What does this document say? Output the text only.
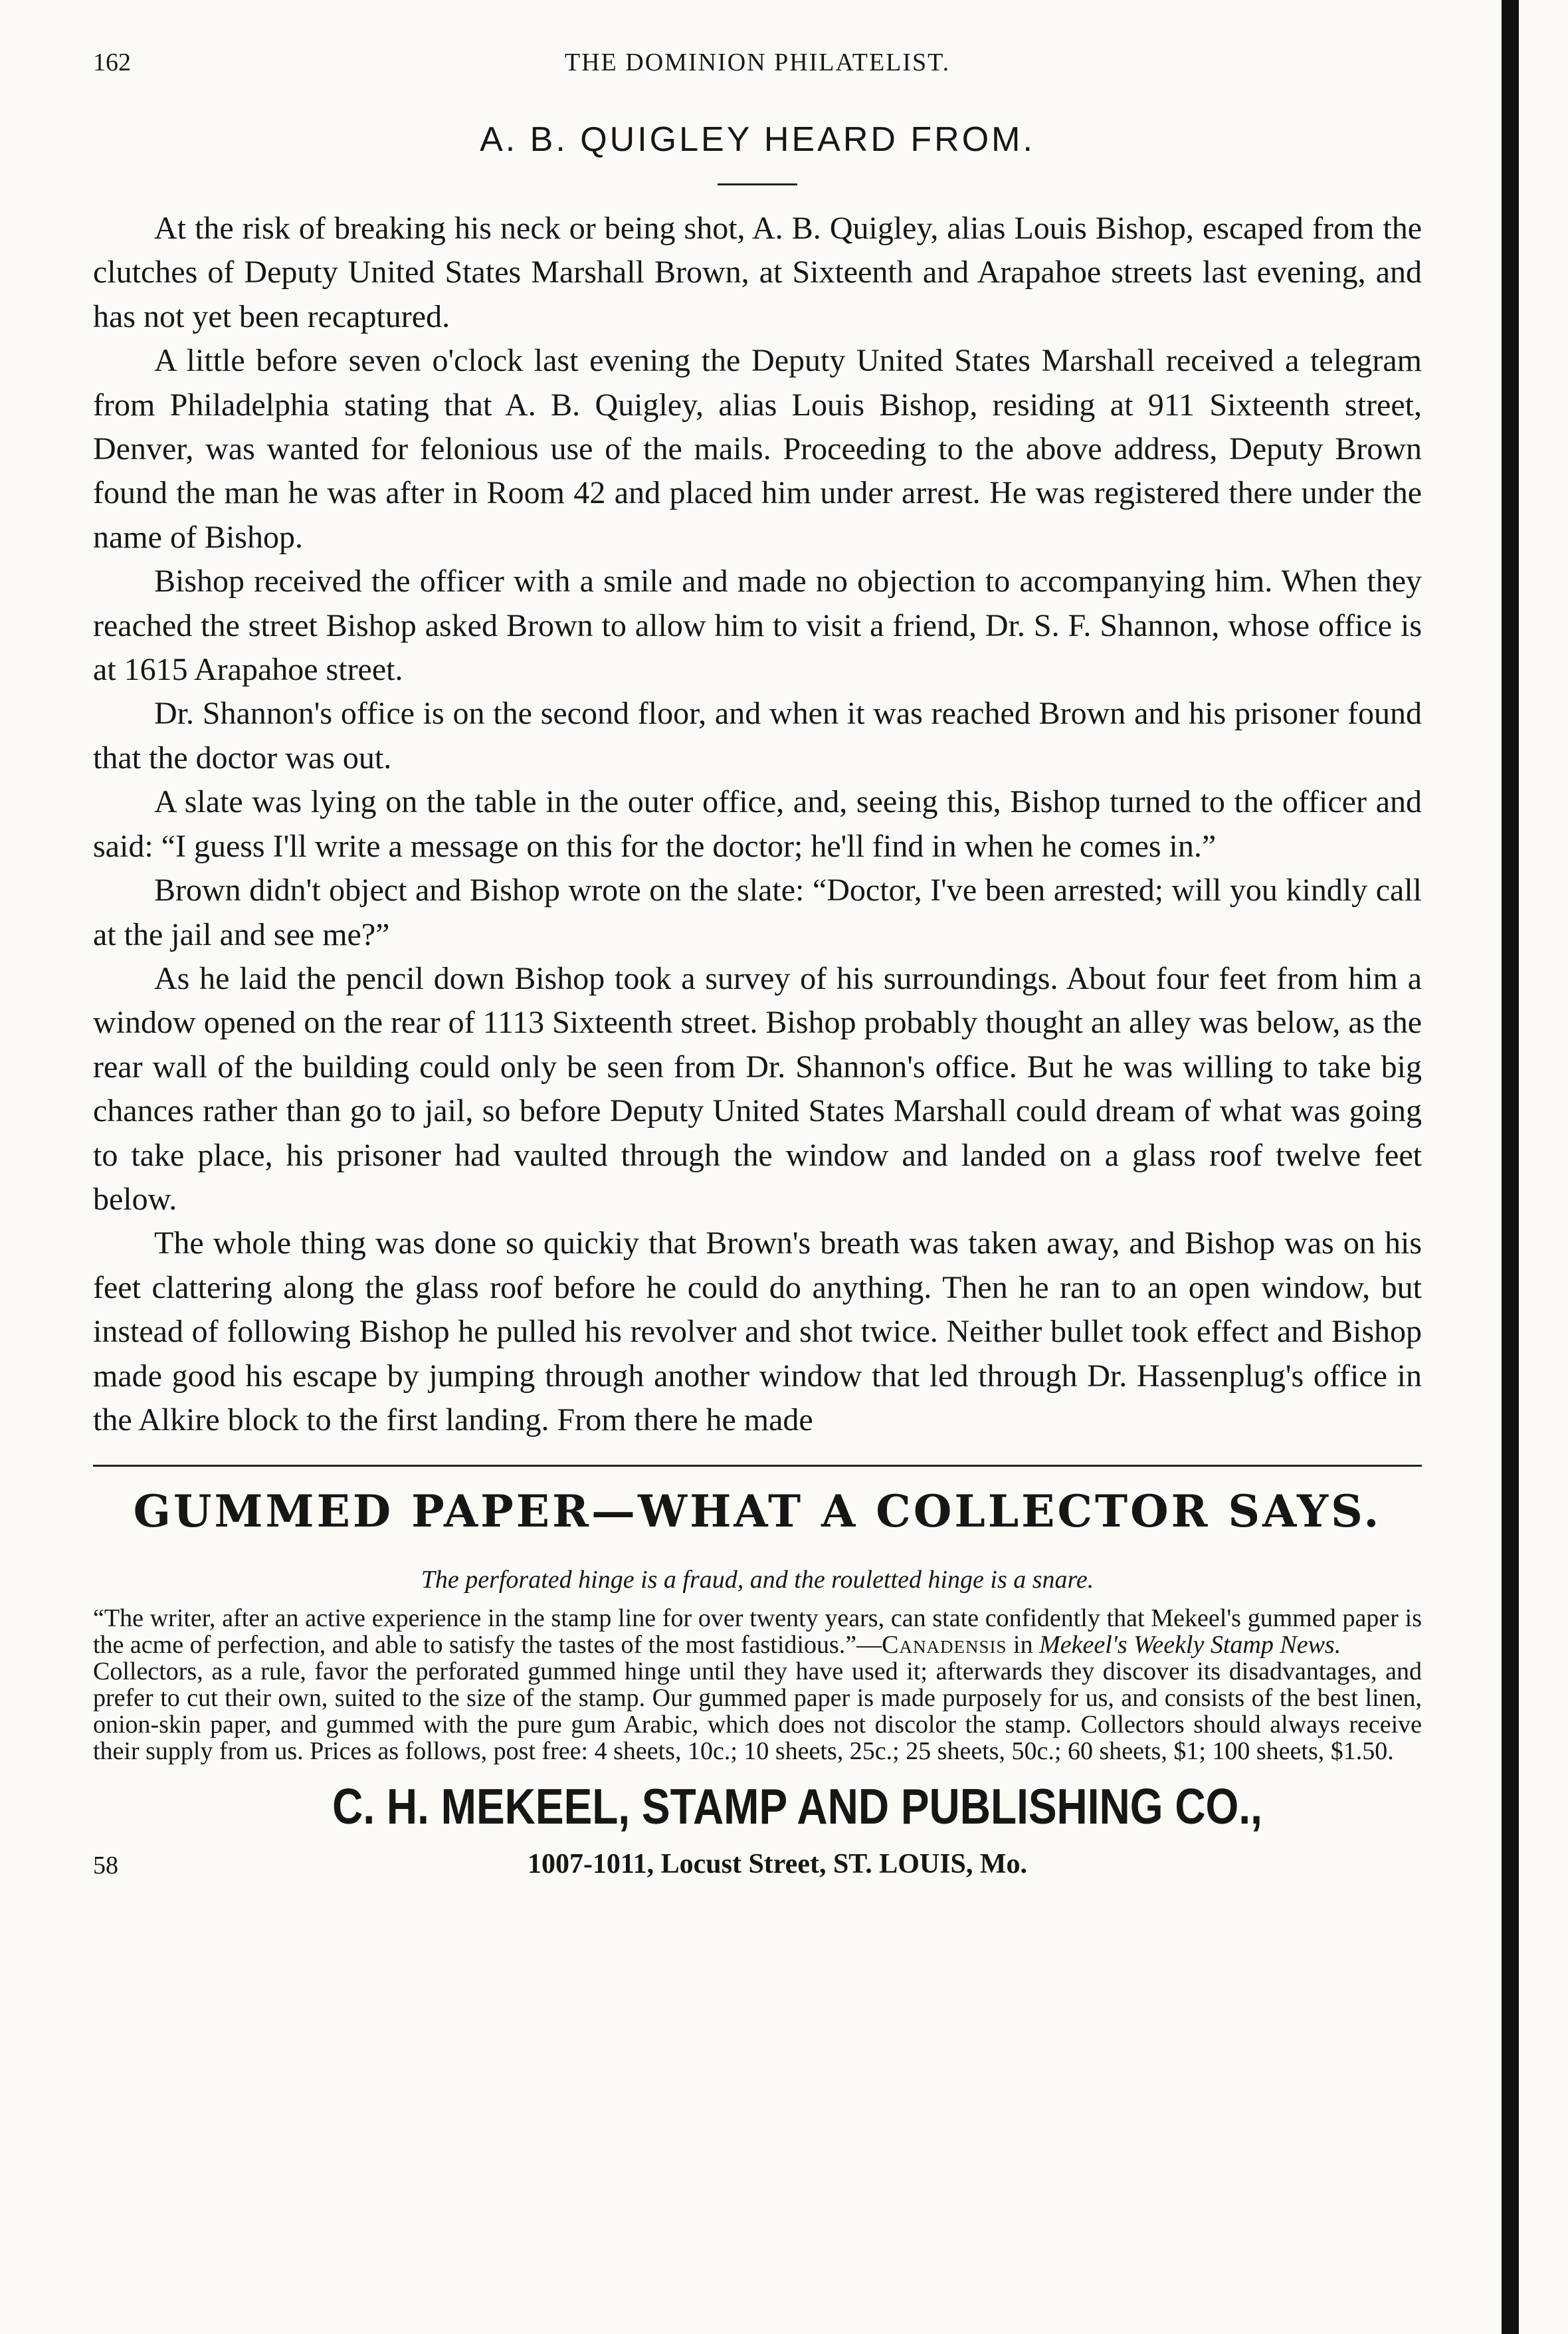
162	THE DOMINION PHILATELIST.
A. B. QUIGLEY HEARD FROM.

At the risk of breaking his neck or being shot, A. B. Quigley, alias Louis Bishop, escaped from the clutches of Deputy United States Marshall Brown, at Sixteenth and Arapahoe streets last evening, and has not yet been recaptured.

A little before seven o'clock last evening the Deputy United States Marshall received a telegram from Philadelphia stating that A. B. Quigley, alias Louis Bishop, residing at 911 Sixteenth street, Denver, was wanted for felonious use of the mails. Proceeding to the above address, Deputy Brown found the man he was after in Room 42 and placed him under arrest. He was registered there under the name of Bishop.

Bishop received the officer with a smile and made no objection to accompanying him. When they reached the street Bishop asked Brown to allow him to visit a friend, Dr. S. F. Shannon, whose office is at 1615 Arapahoe street.

Dr. Shannon's office is on the second floor, and when it was reached Brown and his prisoner found that the doctor was out.

A slate was lying on the table in the outer office, and, seeing this, Bishop turned to the officer and said: “I guess I'll write a message on this for the doctor; he'll find in when he comes in.”

Brown didn't object and Bishop wrote on the slate: “Doctor, I've been arrested; will you kindly call at the jail and see me?”

As he laid the pencil down Bishop took a survey of his surroundings. About four feet from him a window opened on the rear of 1113 Sixteenth street. Bishop probably thought an alley was below, as the rear wall of the building could only be seen from Dr. Shannon's office. But he was willing to take big chances rather than go to jail, so before Deputy United States Marshall could dream of what was going to take place, his prisoner had vaulted through the window and landed on a glass roof twelve feet below.

The whole thing was done so quickiy that Brown's breath was taken away, and Bishop was on his feet clattering along the glass roof before he could do anything. Then he ran to an open window, but instead of following Bishop he pulled his revolver and shot twice. Neither bullet took effect and Bishop made good his escape by jumping through another window that led through Dr. Hassenplug's office in the Alkire block to the first landing. From there he made

GUMMED PAPER—WHAT A COLLECTOR SAYS.
The perforated hinge is a fraud, and the rouletted hinge is a snare.

“The writer, after an active experience in the stamp line for over twenty years, can state confidently that Mekeel's gummed paper is the acme of perfection, and able to satisfy the tastes of the most fastidious.”—Canadensis in Mekeel's Weekly Stamp News.

Collectors, as a rule, favor the perforated gummed hinge until they have used it; afterwards they discover its disadvantages, and prefer to cut their own, suited to the size of the stamp. Our gummed paper is made purposely for us, and consists of the best linen, onion-skin paper, and gummed with the pure gum Arabic, which does not discolor the stamp. Collectors should always receive their supply from us. Prices as follows, post free: 4 sheets, 10c.; 10 sheets, 25c.; 25 sheets, 50c.; 60 sheets, $1; 100 sheets, $1.50.

C. H. MEKEEL, STAMP AND PUBLISHING CO.,
58	1007-1011, Locust Street, ST. LOUIS, Mo.
